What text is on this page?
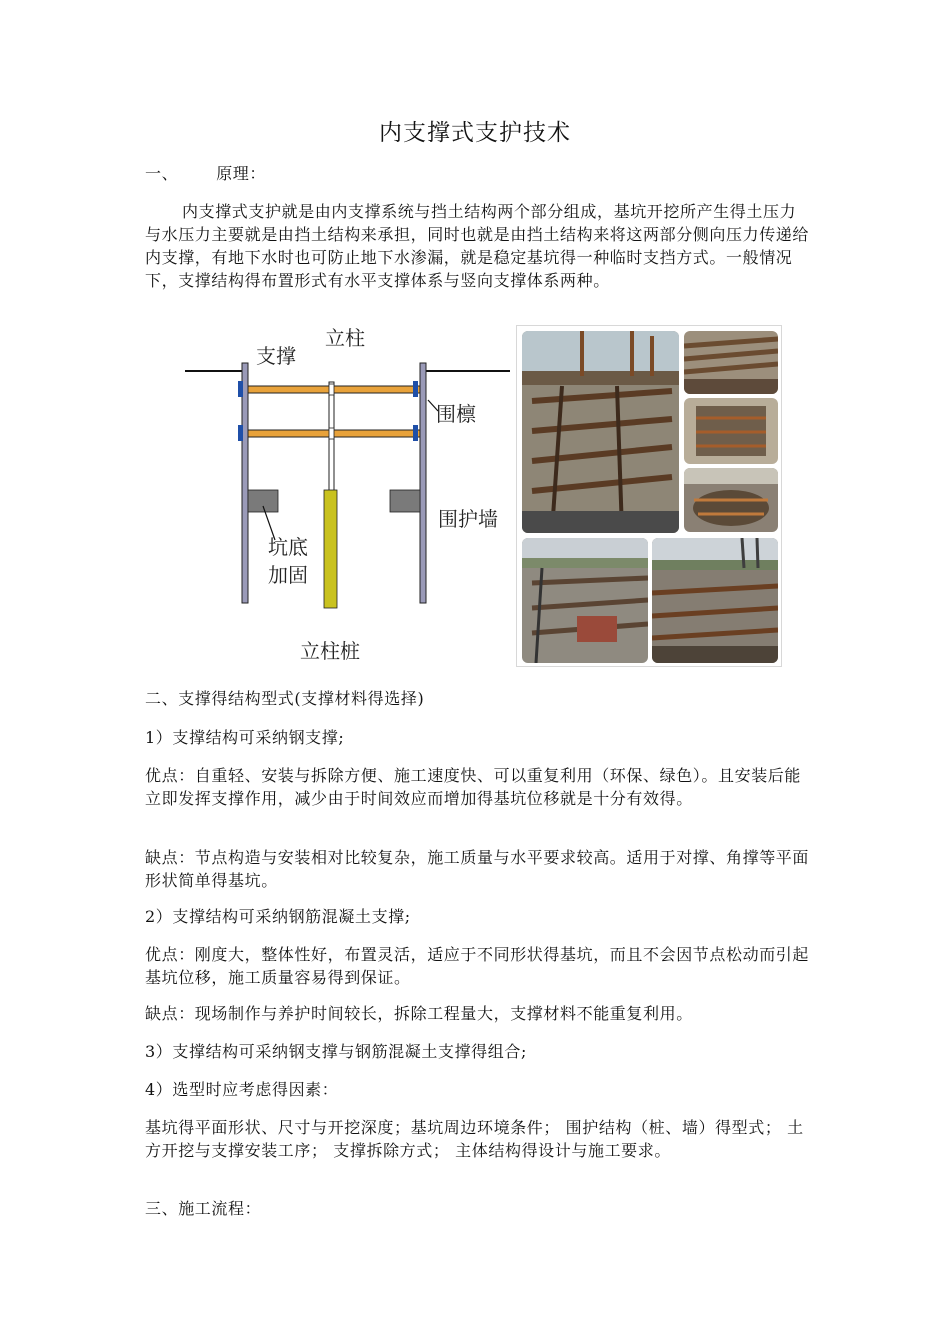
内支撑式支护技术
一、 原理：
内支撑式支护就是由内支撑系统与挡土结构两个部分组成，基坑开挖所产生得土压力与水压力主要就是由挡土结构来承担，同时也就是由挡土结构来将这两部分侧向压力传递给内支撑，有地下水时也可防止地下水渗漏，就是稳定基坑得一种临时支挡方式。一般情况下，支撑结构得布置形式有水平支撑体系与竖向支撑体系两种。
支撑
立柱
围檩
围护墙
坑底
加固
立柱桩
二、支撑得结构型式(支撑材料得选择)
1）支撑结构可采纳钢支撑;
优点：自重轻、安装与拆除方便、施工速度快、可以重复利用（环保、绿色）。且安装后能立即发挥支撑作用，减少由于时间效应而增加得基坑位移就是十分有效得。
缺点：节点构造与安装相对比较复杂，施工质量与水平要求较高。适用于对撑、角撑等平面形状简单得基坑。
2）支撑结构可采纳钢筋混凝土支撑;
优点：刚度大，整体性好，布置灵活，适应于不同形状得基坑，而且不会因节点松动而引起基坑位移，施工质量容易得到保证。
缺点：现场制作与养护时间较长，拆除工程量大，支撑材料不能重复利用。
3）支撑结构可采纳钢支撑与钢筋混凝土支撑得组合;
4）选型时应考虑得因素：
基坑得平面形状、尺寸与开挖深度；基坑周边环境条件； 围护结构（桩、墙）得型式； 土方开挖与支撑安装工序； 支撑拆除方式； 主体结构得设计与施工要求。
三、施工流程：
